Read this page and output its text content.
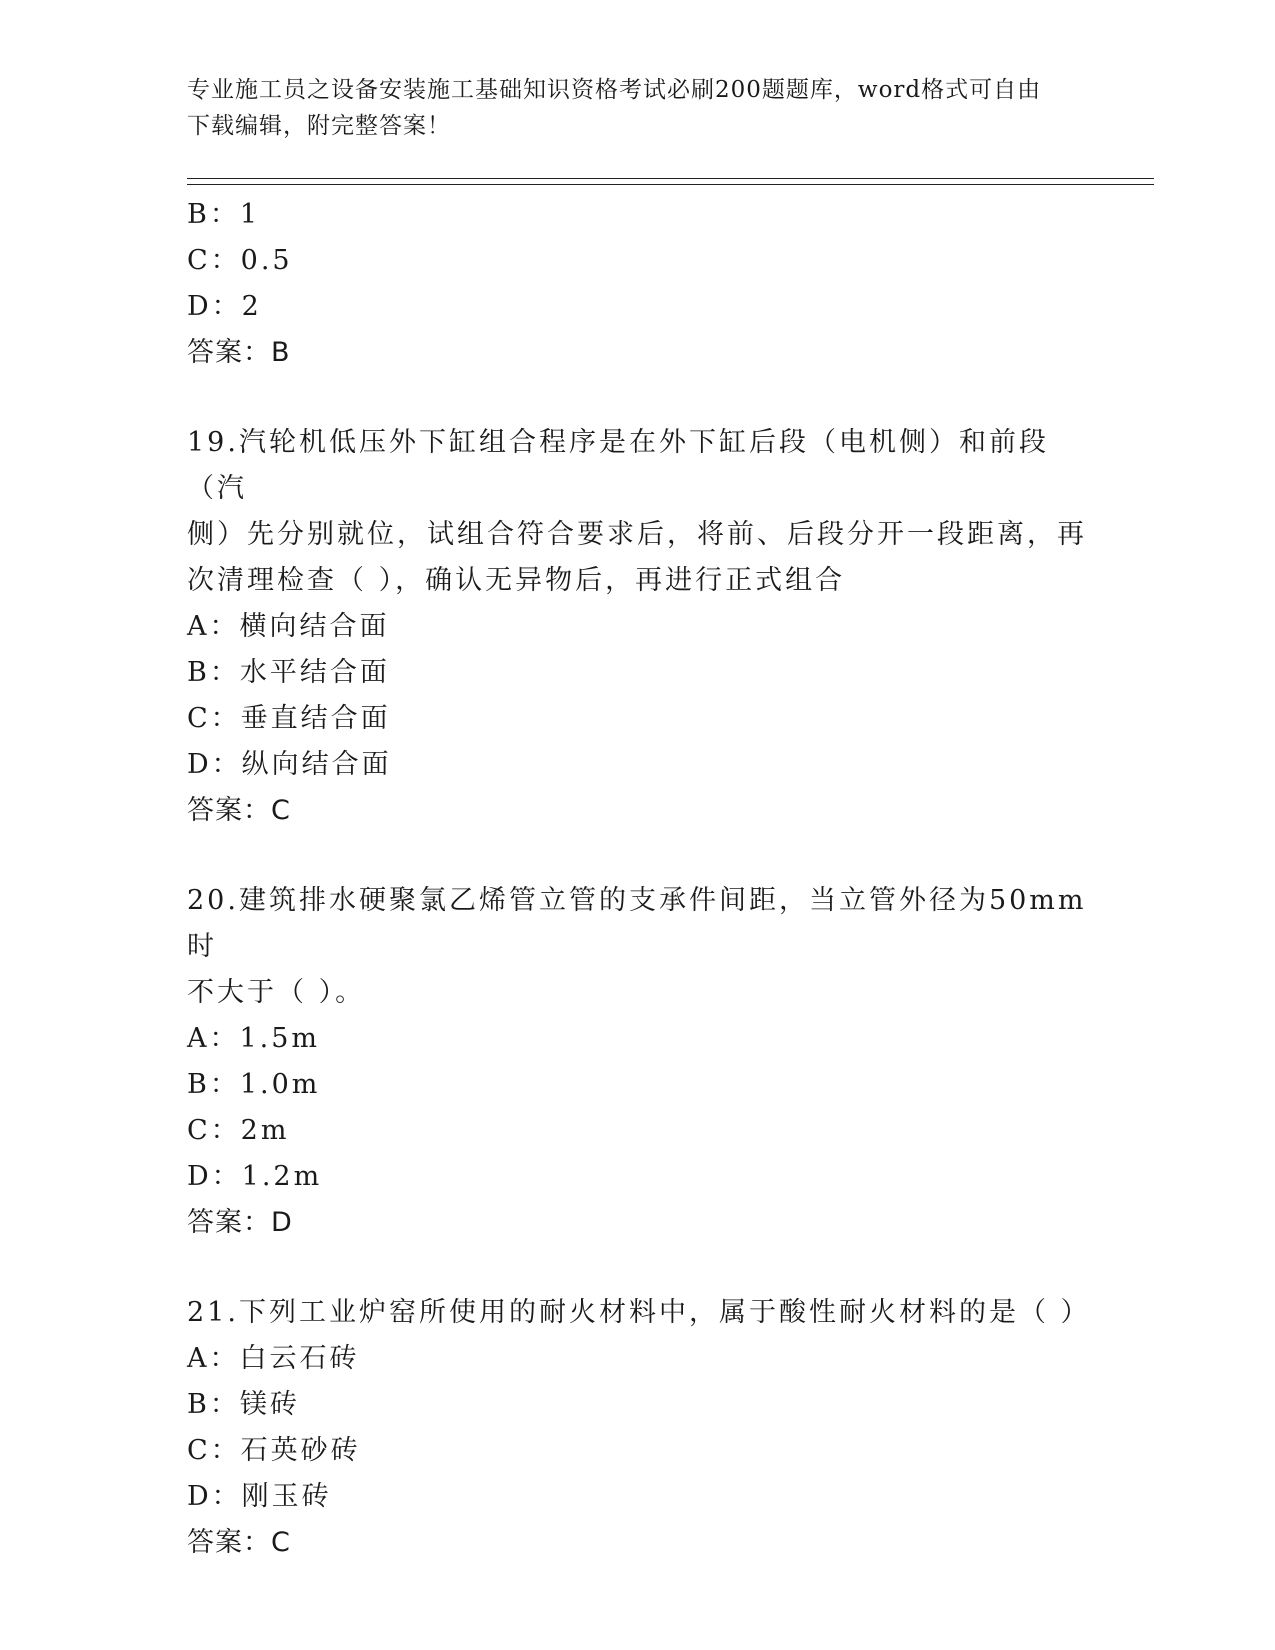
专业施工员之设备安装施工基础知识资格考试必刷200题题库，word格式可自由
下载编辑，附完整答案！
B：1
C：0.5
D：2
答案：B
19.汽轮机低压外下缸组合程序是在外下缸后段（电机侧）和前段（汽
侧）先分别就位，试组合符合要求后，将前、后段分开一段距离，再
次清理检查（ ），确认无异物后，再进行正式组合
A：横向结合面
B：水平结合面
C：垂直结合面
D：纵向结合面
答案：C
20.建筑排水硬聚氯乙烯管立管的支承件间距，当立管外径为50mm时
不大于（ ）。
A：1.5m
B：1.0m
C：2m
D：1.2m
答案：D
21.下列工业炉窑所使用的耐火材料中，属于酸性耐火材料的是（ ）
A：白云石砖
B：镁砖
C：石英砂砖
D：刚玉砖
答案：C
